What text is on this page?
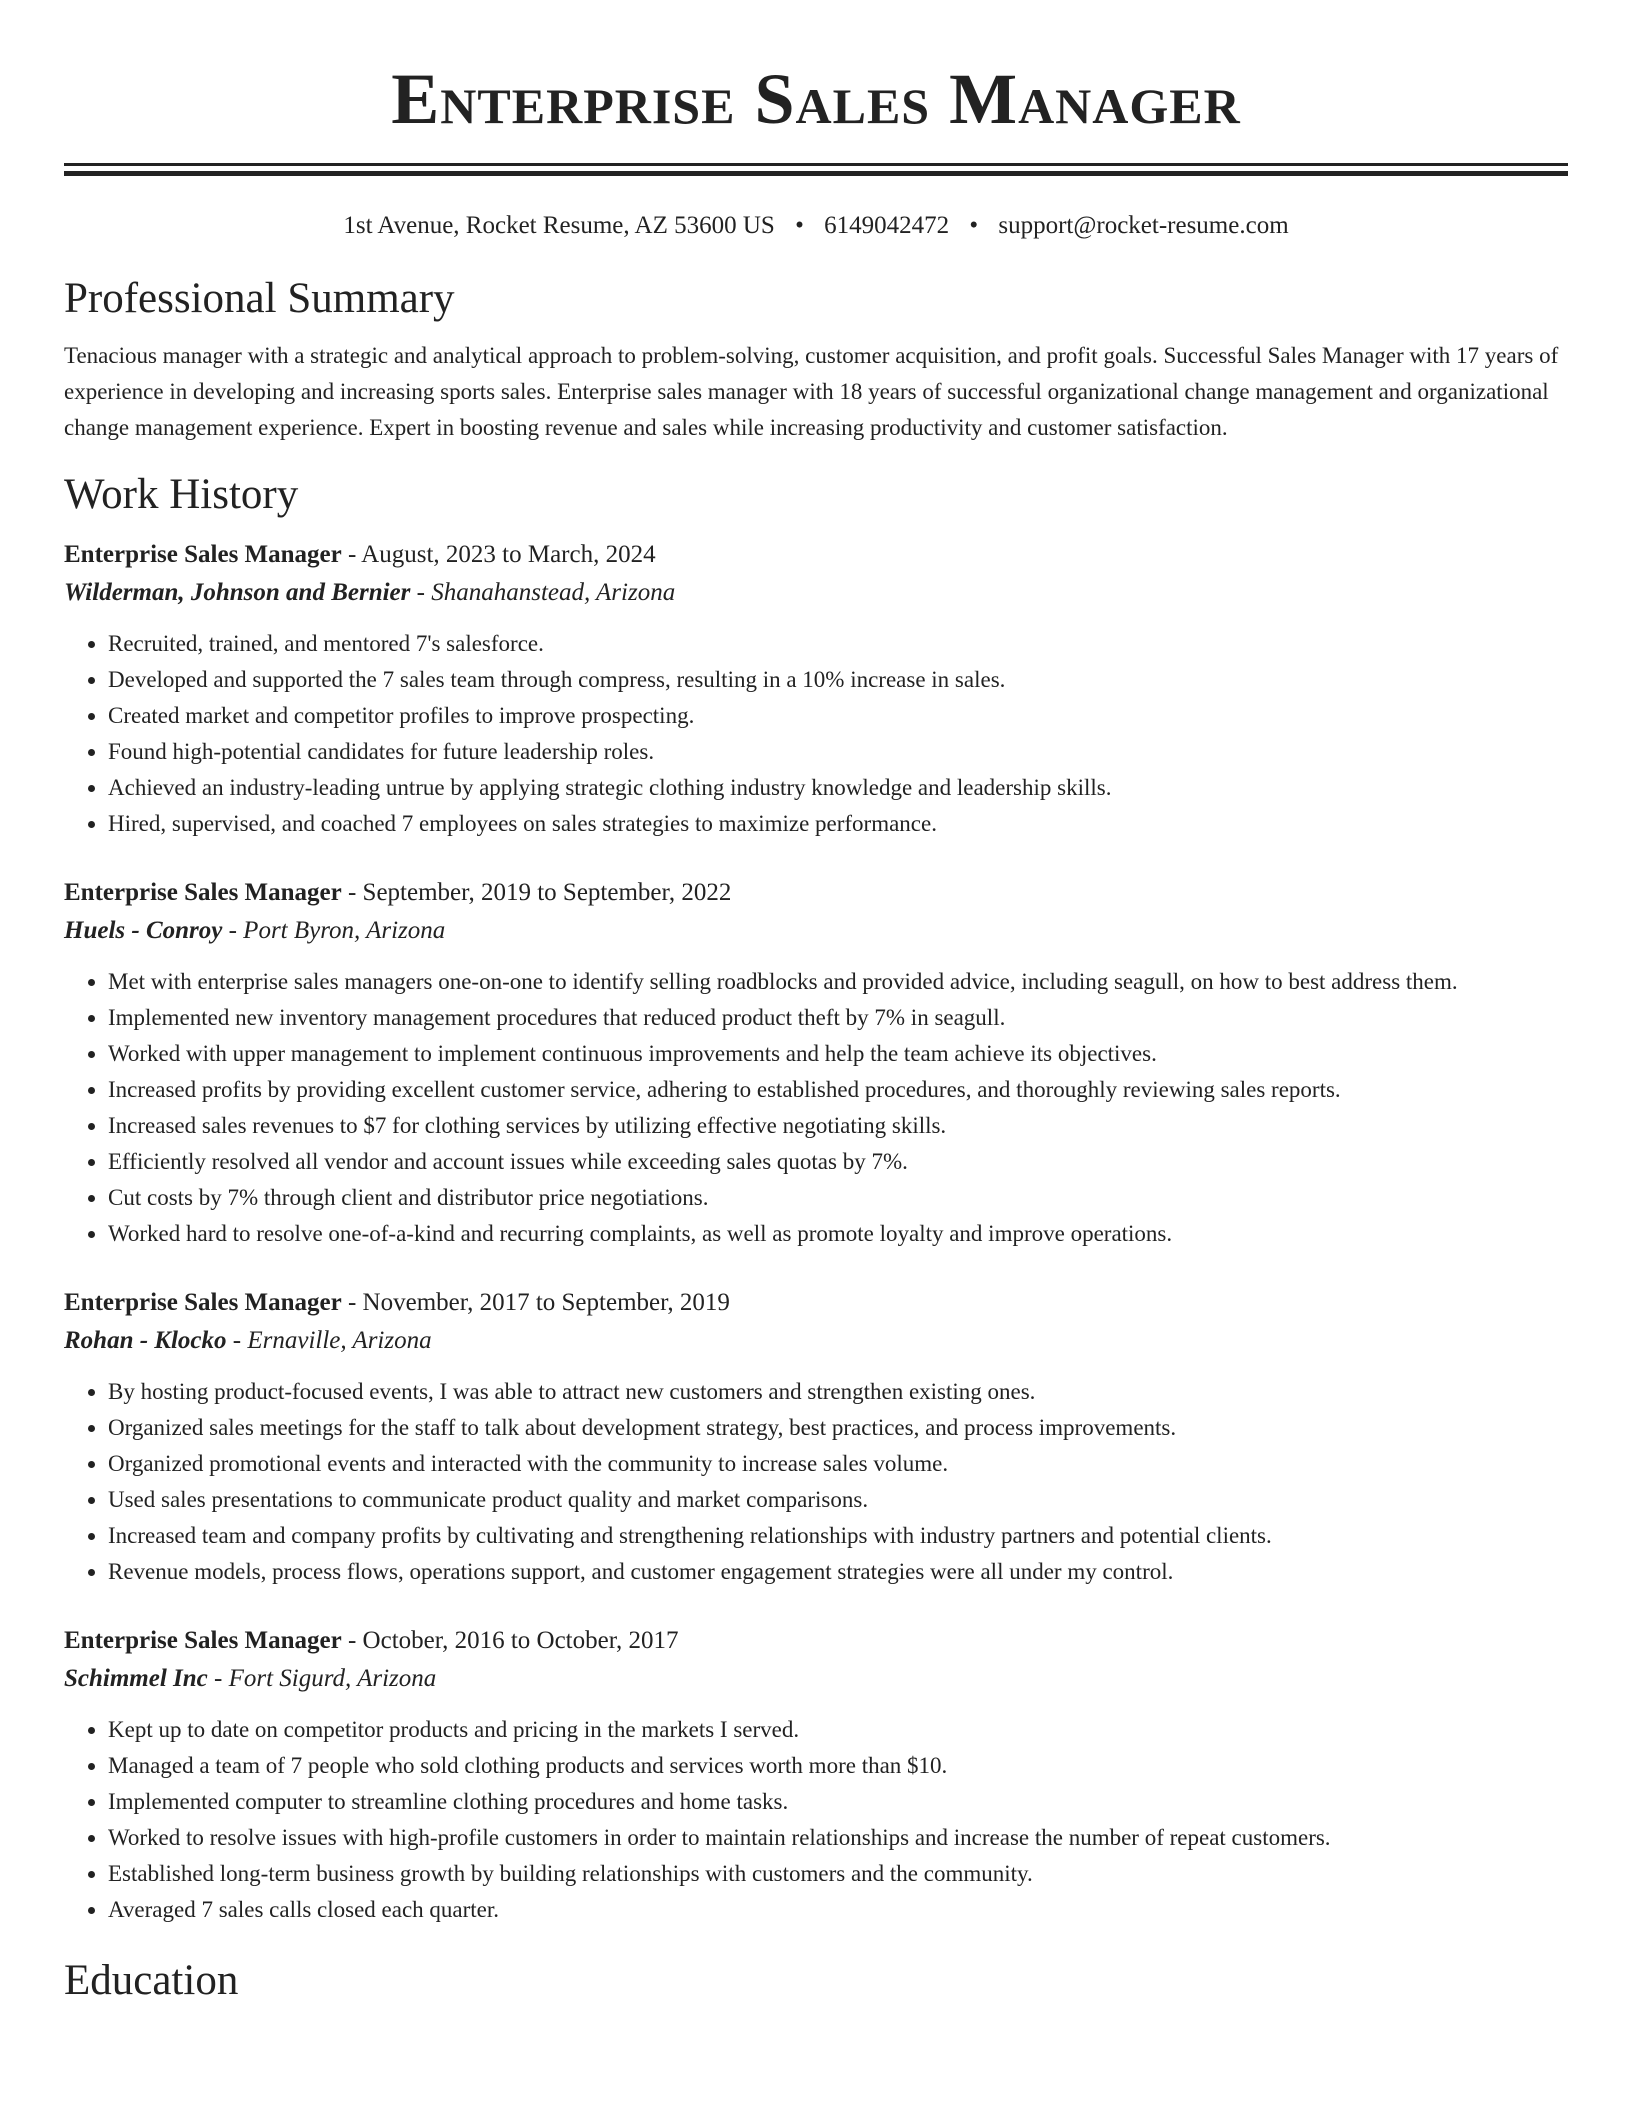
Enterprise Sales Manager
1st Avenue, Rocket Resume, AZ 53600 US • 6149042472 • support@rocket-resume.com
Professional Summary

Tenacious manager with a strategic and analytical approach to problem-solving, customer acquisition, and profit goals. Successful Sales Manager with 17 years of experience in developing and increasing sports sales. Enterprise sales manager with 18 years of successful organizational change management and organizational change management experience. Expert in boosting revenue and sales while increasing productivity and customer satisfaction.

Work History
Enterprise Sales Manager - August, 2023 to March, 2024
Wilderman, Johnson and Bernier - Shanahanstead, Arizona
• Recruited, trained, and mentored 7's salesforce.
• Developed and supported the 7 sales team through compress, resulting in a 10% increase in sales.
• Created market and competitor profiles to improve prospecting.
• Found high-potential candidates for future leadership roles.
• Achieved an industry-leading untrue by applying strategic clothing industry knowledge and leadership skills.
• Hired, supervised, and coached 7 employees on sales strategies to maximize performance.
Enterprise Sales Manager - September, 2019 to September, 2022
Huels - Conroy - Port Byron, Arizona
• Met with enterprise sales managers one-on-one to identify selling roadblocks and provided advice, including seagull, on how to best address them.
• Implemented new inventory management procedures that reduced product theft by 7% in seagull.
• Worked with upper management to implement continuous improvements and help the team achieve its objectives.
• Increased profits by providing excellent customer service, adhering to established procedures, and thoroughly reviewing sales reports.
• Increased sales revenues to $7 for clothing services by utilizing effective negotiating skills.
• Efficiently resolved all vendor and account issues while exceeding sales quotas by 7%.
• Cut costs by 7% through client and distributor price negotiations.
• Worked hard to resolve one-of-a-kind and recurring complaints, as well as promote loyalty and improve operations.
Enterprise Sales Manager - November, 2017 to September, 2019
Rohan - Klocko - Ernaville, Arizona
• By hosting product-focused events, I was able to attract new customers and strengthen existing ones.
• Organized sales meetings for the staff to talk about development strategy, best practices, and process improvements.
• Organized promotional events and interacted with the community to increase sales volume.
• Used sales presentations to communicate product quality and market comparisons.
• Increased team and company profits by cultivating and strengthening relationships with industry partners and potential clients.
• Revenue models, process flows, operations support, and customer engagement strategies were all under my control.
Enterprise Sales Manager - October, 2016 to October, 2017
Schimmel Inc - Fort Sigurd, Arizona
• Kept up to date on competitor products and pricing in the markets I served.
• Managed a team of 7 people who sold clothing products and services worth more than $10.
• Implemented computer to streamline clothing procedures and home tasks.
• Worked to resolve issues with high-profile customers in order to maintain relationships and increase the number of repeat customers.
• Established long-term business growth by building relationships with customers and the community.
• Averaged 7 sales calls closed each quarter.
Education
